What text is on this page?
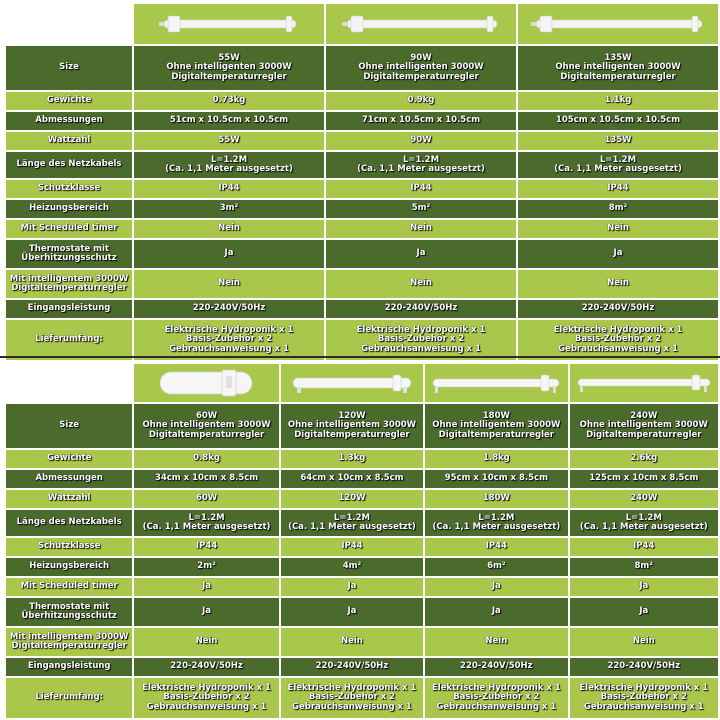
Size	55W
Ohne intelligenten 3000W
Digitaltemperaturregler	90W
Ohne intelligenten 3000W
Digitaltemperaturregler	135W
Ohne intelligenten 3000W
Digitaltemperaturregler
Gewichte	0.73kg	0.9kg	1.1kg
Abmessungen	51cm x 10.5cm x 10.5cm	71cm x 10.5cm x 10.5cm	105cm x 10.5cm x 10.5cm
Wattzahl	55W	90W	135W
Länge des Netzkabels	L=1.2M
(Ca. 1,1 Meter ausgesetzt)	L=1.2M
(Ca. 1,1 Meter ausgesetzt)	L=1.2M
(Ca. 1,1 Meter ausgesetzt)
Schutzklasse	IP44	IP44	IP44
Heizungsbereich	3m²	5m²	8m²
Mit Scheduled timer	Nein	Nein	Nein
Thermostate mit
Überhitzungsschutz	Ja	Ja	Ja
Mit intelligentem 3000W
Digitaltemperaturregler	Nein	Nein	Nein
Eingangsleistung	220-240V/50Hz	220-240V/50Hz	220-240V/50Hz
Lieferumfang:	Elektrische Hydroponik x 1
Basis-Zubehör x 2
Gebrauchsanweisung x 1	Elektrische Hydroponik x 1
Basis-Zubehör x 2
Gebrauchsanweisung x 1	Elektrische Hydroponik x 1
Basis-Zubehör x 2
Gebrauchsanweisung x 1

Size	60W
Ohne intelligentem 3000W
Digitaltemperaturregler	120W
Ohne intelligentem 3000W
Digitaltemperaturregler	180W
Ohne intelligentem 3000W
Digitaltemperaturregler	240W
Ohne intelligentem 3000W
Digitaltemperaturregler
Gewichte	0.8kg	1.3kg	1.8kg	2.6kg
Abmessungen	34cm x 10cm x 8.5cm	64cm x 10cm x 8.5cm	95cm x 10cm x 8.5cm	125cm x 10cm x 8.5cm
Wattzahl	60W	120W	180W	240W
Länge des Netzkabels	L=1.2M
(Ca. 1,1 Meter ausgesetzt)	L=1.2M
(Ca. 1,1 Meter ausgesetzt)	L=1.2M
(Ca. 1,1 Meter ausgesetzt)	L=1.2M
(Ca. 1,1 Meter ausgesetzt)
Schutzklasse	IP44	IP44	IP44	IP44
Heizungsbereich	2m²	4m²	6m²	8m²
Mit Scheduled timer	Ja	Ja	Ja	Ja
Thermostate mit
Überhitzungsschutz	Ja	Ja	Ja	Ja
Mit intelligentem 3000W
Digitaltemperaturregler	Nein	Nein	Nein	Nein
Eingangsleistung	220-240V/50Hz	220-240V/50Hz	220-240V/50Hz	220-240V/50Hz
Lieferumfang:	Elektrische Hydroponik x 1
Basis-Zubehör x 2
Gebrauchsanweisung x 1	Elektrische Hydroponik x 1
Basis-Zubehör x 2
Gebrauchsanweisung x 1	Elektrische Hydroponik x 1
Basis-Zubehör x 2
Gebrauchsanweisung x 1	Elektrische Hydroponik x 1
Basis-Zubehör x 2
Gebrauchsanweisung x 1
